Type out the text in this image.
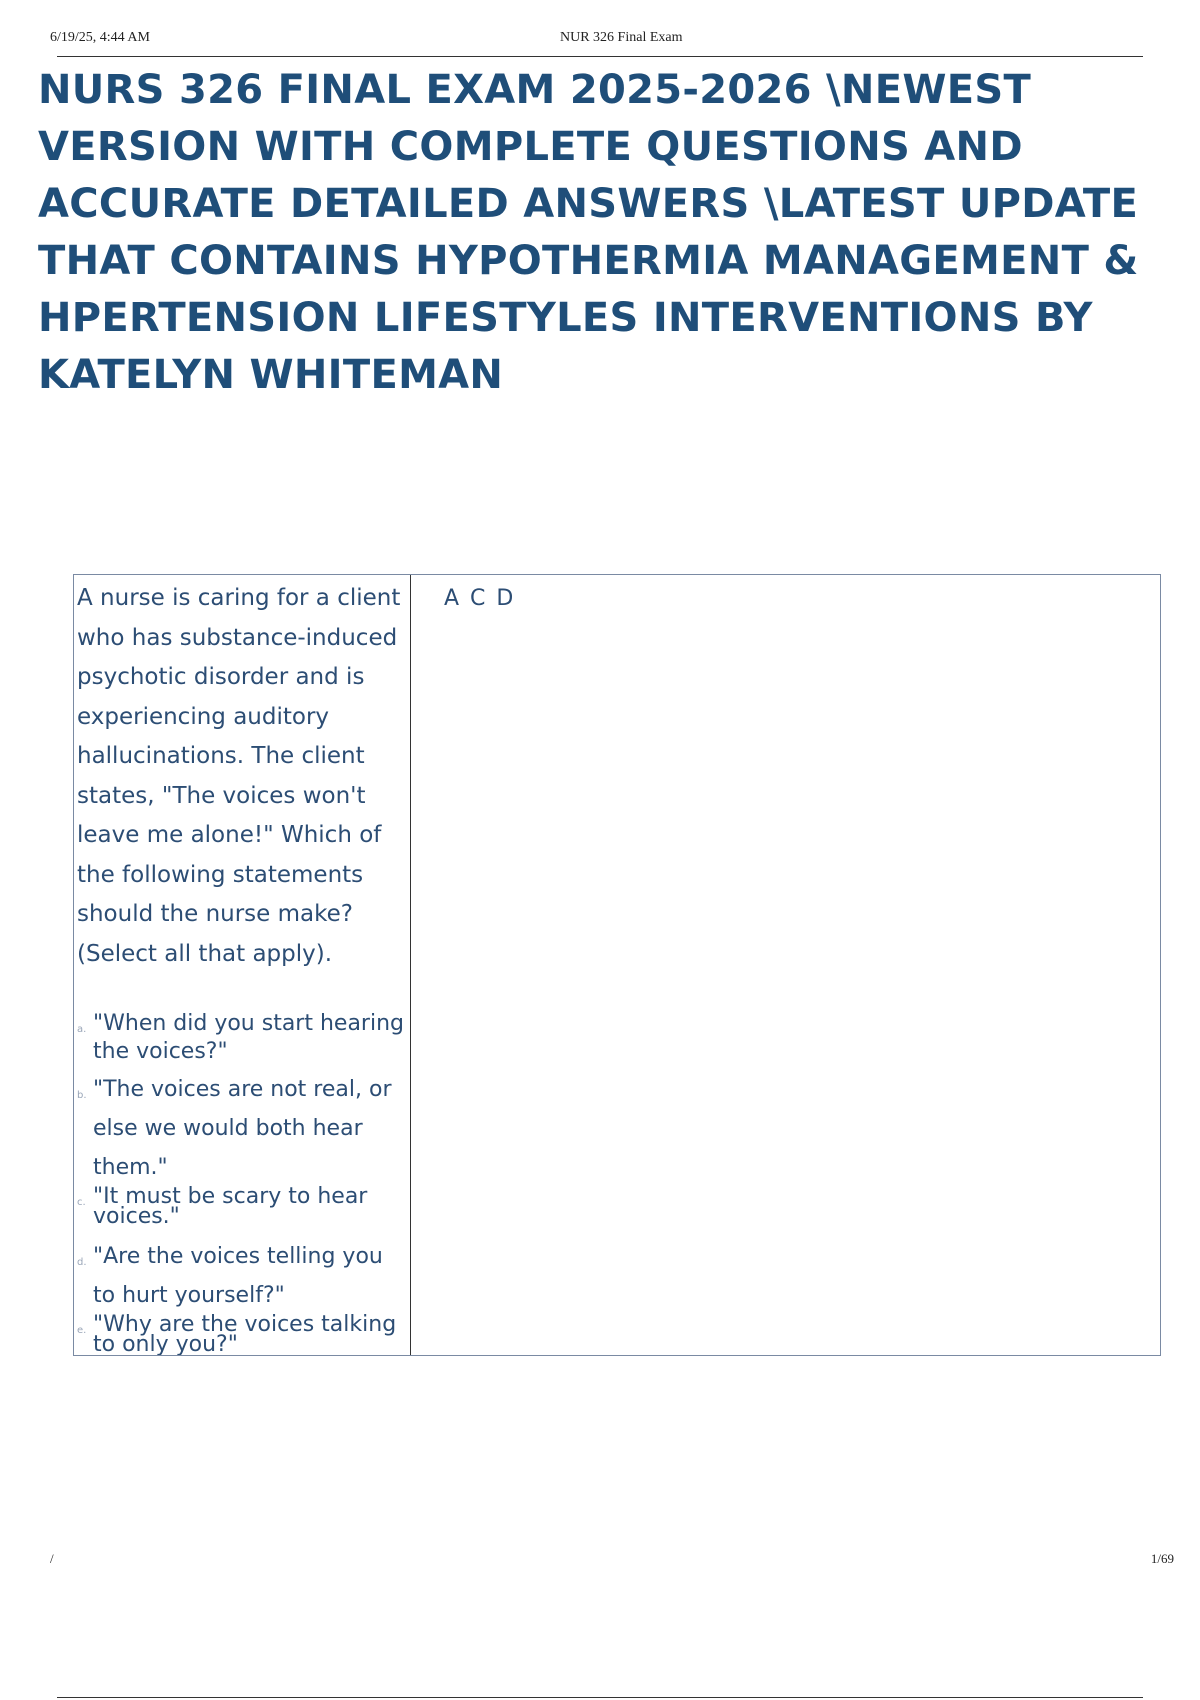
6/19/25, 4:44 AM	NUR 326 Final Exam
NURS 326 FINAL EXAM 2025-2026 \NEWEST VERSION WITH COMPLETE QUESTIONS AND ACCURATE DETAILED ANSWERS \LATEST UPDATE THAT CONTAINS HYPOTHERMIA MANAGEMENT & HPERTENSION LIFESTYLES INTERVENTIONS BY KATELYN WHITEMAN

A nurse is caring for a client who has substance-induced psychotic disorder and is experiencing auditory hallucinations. The client states, "The voices won't leave me alone!" Which of the following statements should the nurse make? (Select all that apply).

a. "When did you start hearing the voices?"
b. "The voices are not real, or else we would both hear them."
c. "It must be scary to hear voices."
d. "Are the voices telling you to hurt yourself?"
e. "Why are the voices talking to only you?"
A C D
/	1/69
